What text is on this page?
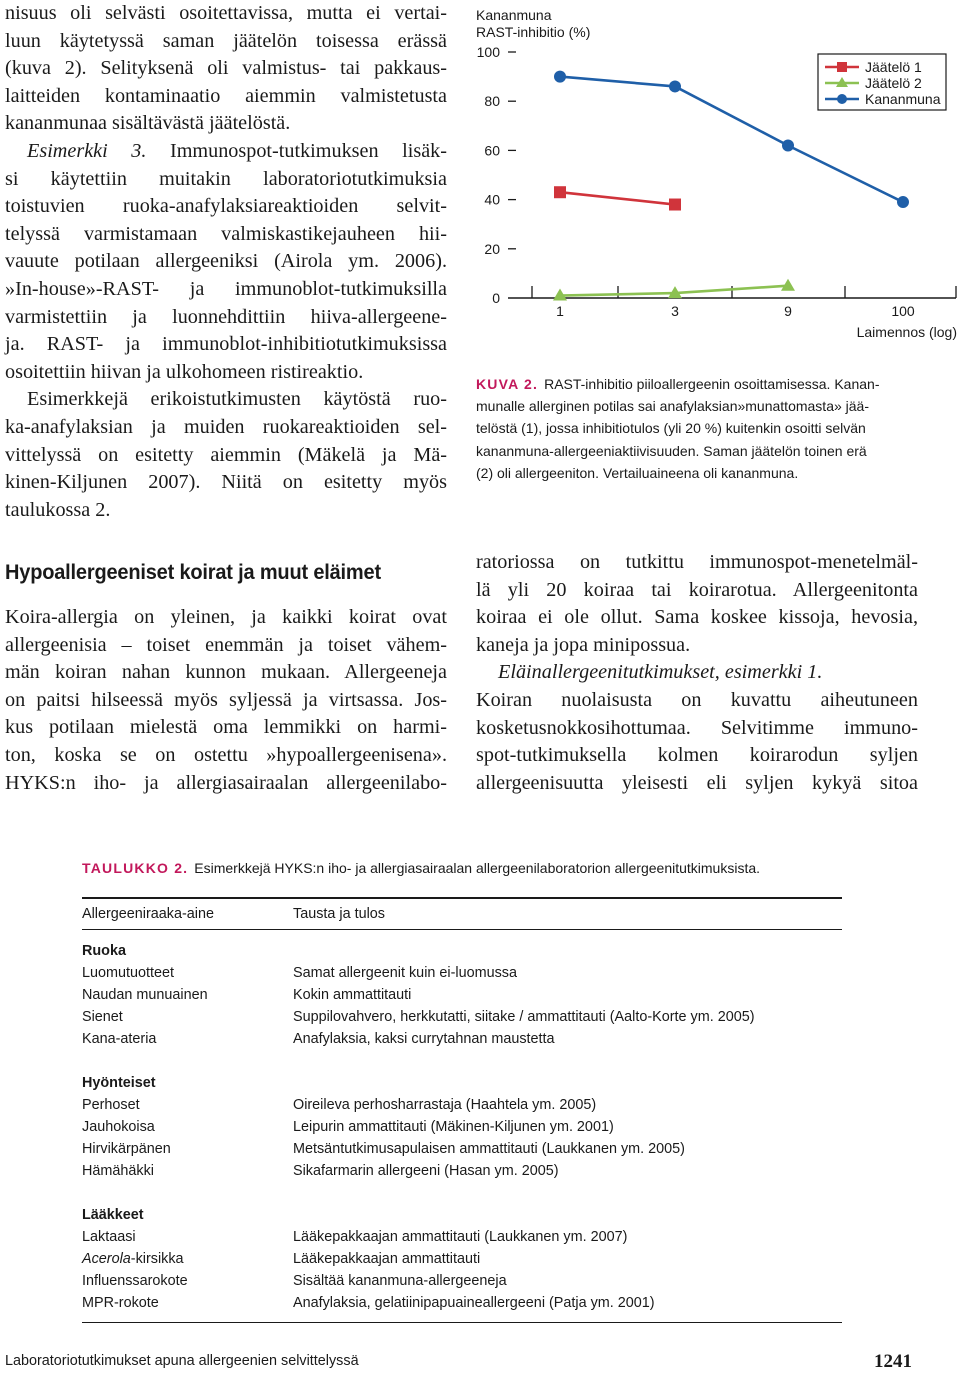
nisuus oli selvästi osoitettavissa, mutta ei vertai-
luun käytetyssä saman jäätelön toisessa erässä
(kuva 2). Selityksenä oli valmistus- tai pakkaus-
laitteiden kontaminaatio aiemmin valmistetusta
kananmunaa sisältävästä jäätelöstä.
Esimerkki 3. Immunospot-tutkimuksen lisäk-
si käytettiin muitakin laboratoriotutkimuksia
toistuvien ruoka-anafylaksiareaktioiden selvit-
telyssä varmistamaan valmiskastikejauheen hii-
vauute potilaan allergeeniksi (Airola ym. 2006).
»In-house»-RAST- ja immunoblot-tutkimuksilla
varmistettiin ja luonnehdittiin hiiva-allergeene-
ja. RAST- ja immunoblot-inhibitiotutkimuksissa
osoitettiin hiivan ja ulkohomeen ristireaktio.
Esimerkkejä erikoistutkimusten käytöstä ruo-
ka-anafylaksian ja muiden ruokareaktioiden sel-
vittelyssä on esitetty aiemmin (Mäkelä ja Mä-
kinen-Kiljunen 2007). Niitä on esitetty myös
taulukossa 2.
Hypoallergeeniset koirat ja muut eläimet
Koira-allergia on yleinen, ja kaikki koirat ovat
allergeenisia – toiset enemmän ja toiset vähem-
män koiran nahan kunnon mukaan. Allergeeneja
on paitsi hilseessä myös syljessä ja virtsassa. Jos-
kus potilaan mielestä oma lemmikki on harmi-
ton, koska se on ostettu »hypoallergeenisena».
HYKS:n iho- ja allergiasairaalan allergeenilabo-
ratoriossa on tutkittu immunospot-menetelmäl-
lä yli 20 koiraa tai koirarotua. Allergeenitonta
koiraa ei ole ollut. Sama koskee kissoja, hevosia,
kaneja ja jopa minipossua.
Eläinallergeenitutkimukset, esimerkki 1.
Koiran nuolaisusta on kuvattu aiheutuneen
kosketusnokkosihottumaa. Selvitimme immuno-
spot-tutkimuksella kolmen koirarodun syljen
allergeenisuutta yleisesti eli syljen kykyä sitoa
Kananmuna
RAST-inhibitio (%)
0
20
40
60
80
100
1	3	9	100
Laimennos (log)
Jäätelö 1
Jäätelö 2
Kananmuna
KUVA 2. RAST-inhibitio piiloallergeenin osoittamisessa. Kanan-
munalle allerginen potilas sai anafylaksian»munattomasta» jää-
telöstä (1), jossa inhibitiotulos (yli 20 %) kuitenkin osoitti selvän
kananmuna-allergeeniaktiivisuuden. Saman jäätelön toinen erä
(2) oli allergeeniton. Vertailuaineena oli kananmuna.
TAULUKKO 2. Esimerkkejä HYKS:n iho- ja allergiasairaalan allergeenilaboratorion allergeenitutkimuksista.
Allergeeniraaka-aine	Tausta ja tulos
Ruoka
Luomutuotteet	Samat allergeenit kuin ei-luomussa
Naudan munuainen	Kokin ammattitauti
Sienet	Suppilovahvero, herkkutatti, siitake / ammattitauti (Aalto-Korte ym. 2005)
Kana-ateria	Anafylaksia, kaksi currytahnan maustetta
Hyönteiset
Perhoset	Oireileva perhosharrastaja (Haahtela ym. 2005)
Jauhokoisa	Leipurin ammattitauti (Mäkinen-Kiljunen ym. 2001)
Hirvikärpänen	Metsäntutkimusapulaisen ammattitauti (Laukkanen ym. 2005)
Hämähäkki	Sikafarmarin allergeeni (Hasan ym. 2005)
Lääkkeet
Laktaasi	Lääkepakkaajan ammattitauti (Laukkanen ym. 2007)
Acerola-kirsikka	Lääkepakkaajan ammattitauti
Influenssarokote	Sisältää kananmuna-allergeeneja
MPR-rokote	Anafylaksia, gelatiinipapuaineallergeeni (Patja ym. 2001)
Laboratoriotutkimukset apuna allergeenien selvittelyssä	1241
